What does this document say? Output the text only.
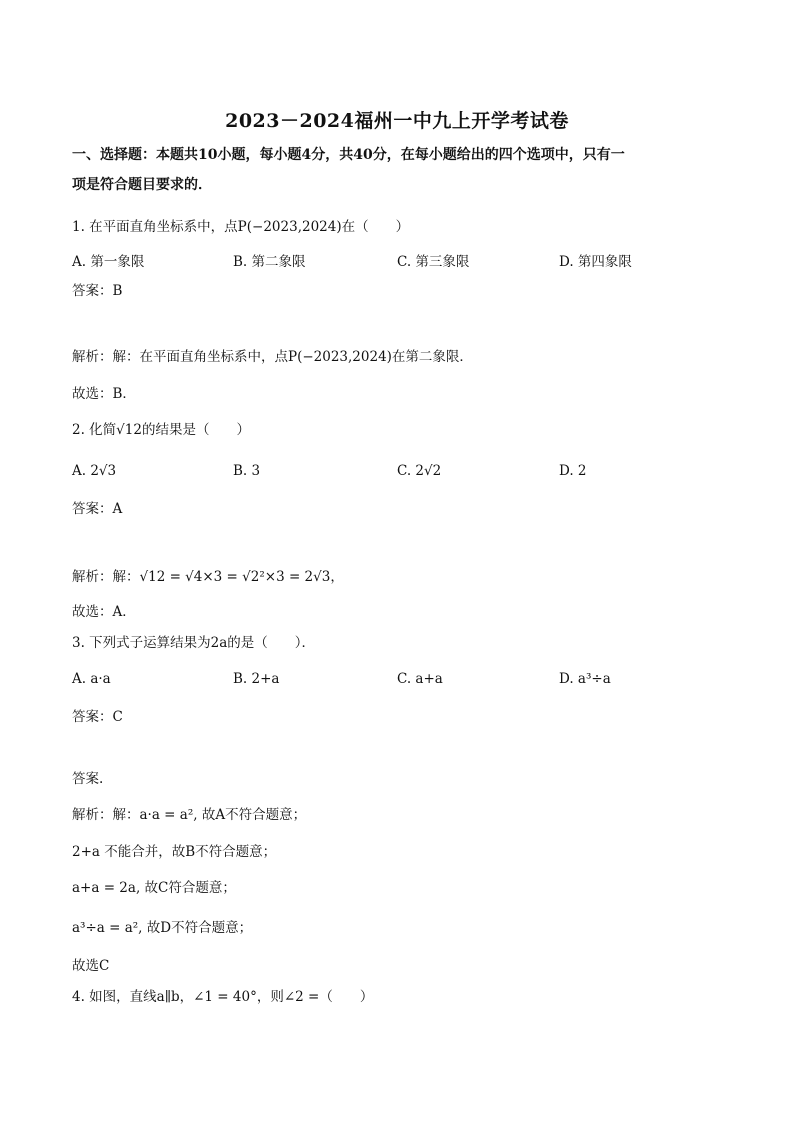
2023－2024福州一中九上开学考试卷
一、选择题：本题共10小题，每小题4分，共40分，在每小题给出的四个选项中，只有一
项是符合题目要求的．
1. 在平面直角坐标系中，点P(−2023,2024)在（　　）
A. 第一象限	B. 第二象限	C. 第三象限	D. 第四象限
答案：B
解析：解：在平面直角坐标系中，点P(−2023,2024)在第二象限．
故选：B．
2. 化简√12的结果是（　　）
A. 2√3	B. 3	C. 2√2	D. 2
答案：A
解析：解：√12 = √4×3 = √2²×3 = 2√3，
故选：A．
3. 下列式子运算结果为2a的是（　　）．
A. a·a	B. 2+a	C. a+a	D. a³÷a
答案：C
答案.
解析：解：a·a = a², 故A不符合题意；
2+a 不能合并，故B不符合题意；
a+a = 2a, 故C符合题意；
a³÷a = a², 故D不符合题意；
故选C
4. 如图，直线a∥b，∠1 = 40°，则∠2 =（　　）
